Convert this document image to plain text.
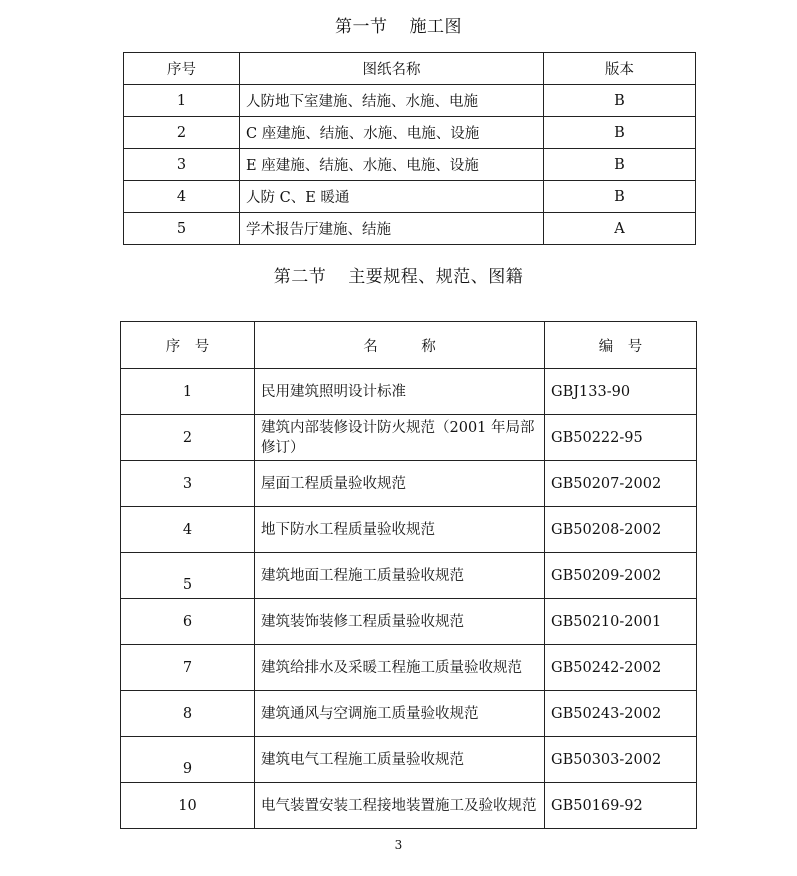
第一节 施工图
序号	图纸名称	版本
1	人防地下室建施、结施、水施、电施	B
2	C 座建施、结施、水施、电施、设施	B
3	E 座建施、结施、水施、电施、设施	B
4	人防 C、E 暖通	B
5	学术报告厅建施、结施	A
第二节 主要规程、规范、图籍
序　号	名　　　称	编　号
1	民用建筑照明设计标准	GBJ133-90
2	建筑内部装修设计防火规范（2001 年局部修订）	GB50222-95
3	屋面工程质量验收规范	GB50207-2002
4	地下防水工程质量验收规范	GB50208-2002
5	建筑地面工程施工质量验收规范	GB50209-2002
6	建筑装饰装修工程质量验收规范	GB50210-2001
7	建筑给排水及采暖工程施工质量验收规范	GB50242-2002
8	建筑通风与空调施工质量验收规范	GB50243-2002
9	建筑电气工程施工质量验收规范	GB50303-2002
10	电气装置安装工程接地装置施工及验收规范	GB50169-92
3
